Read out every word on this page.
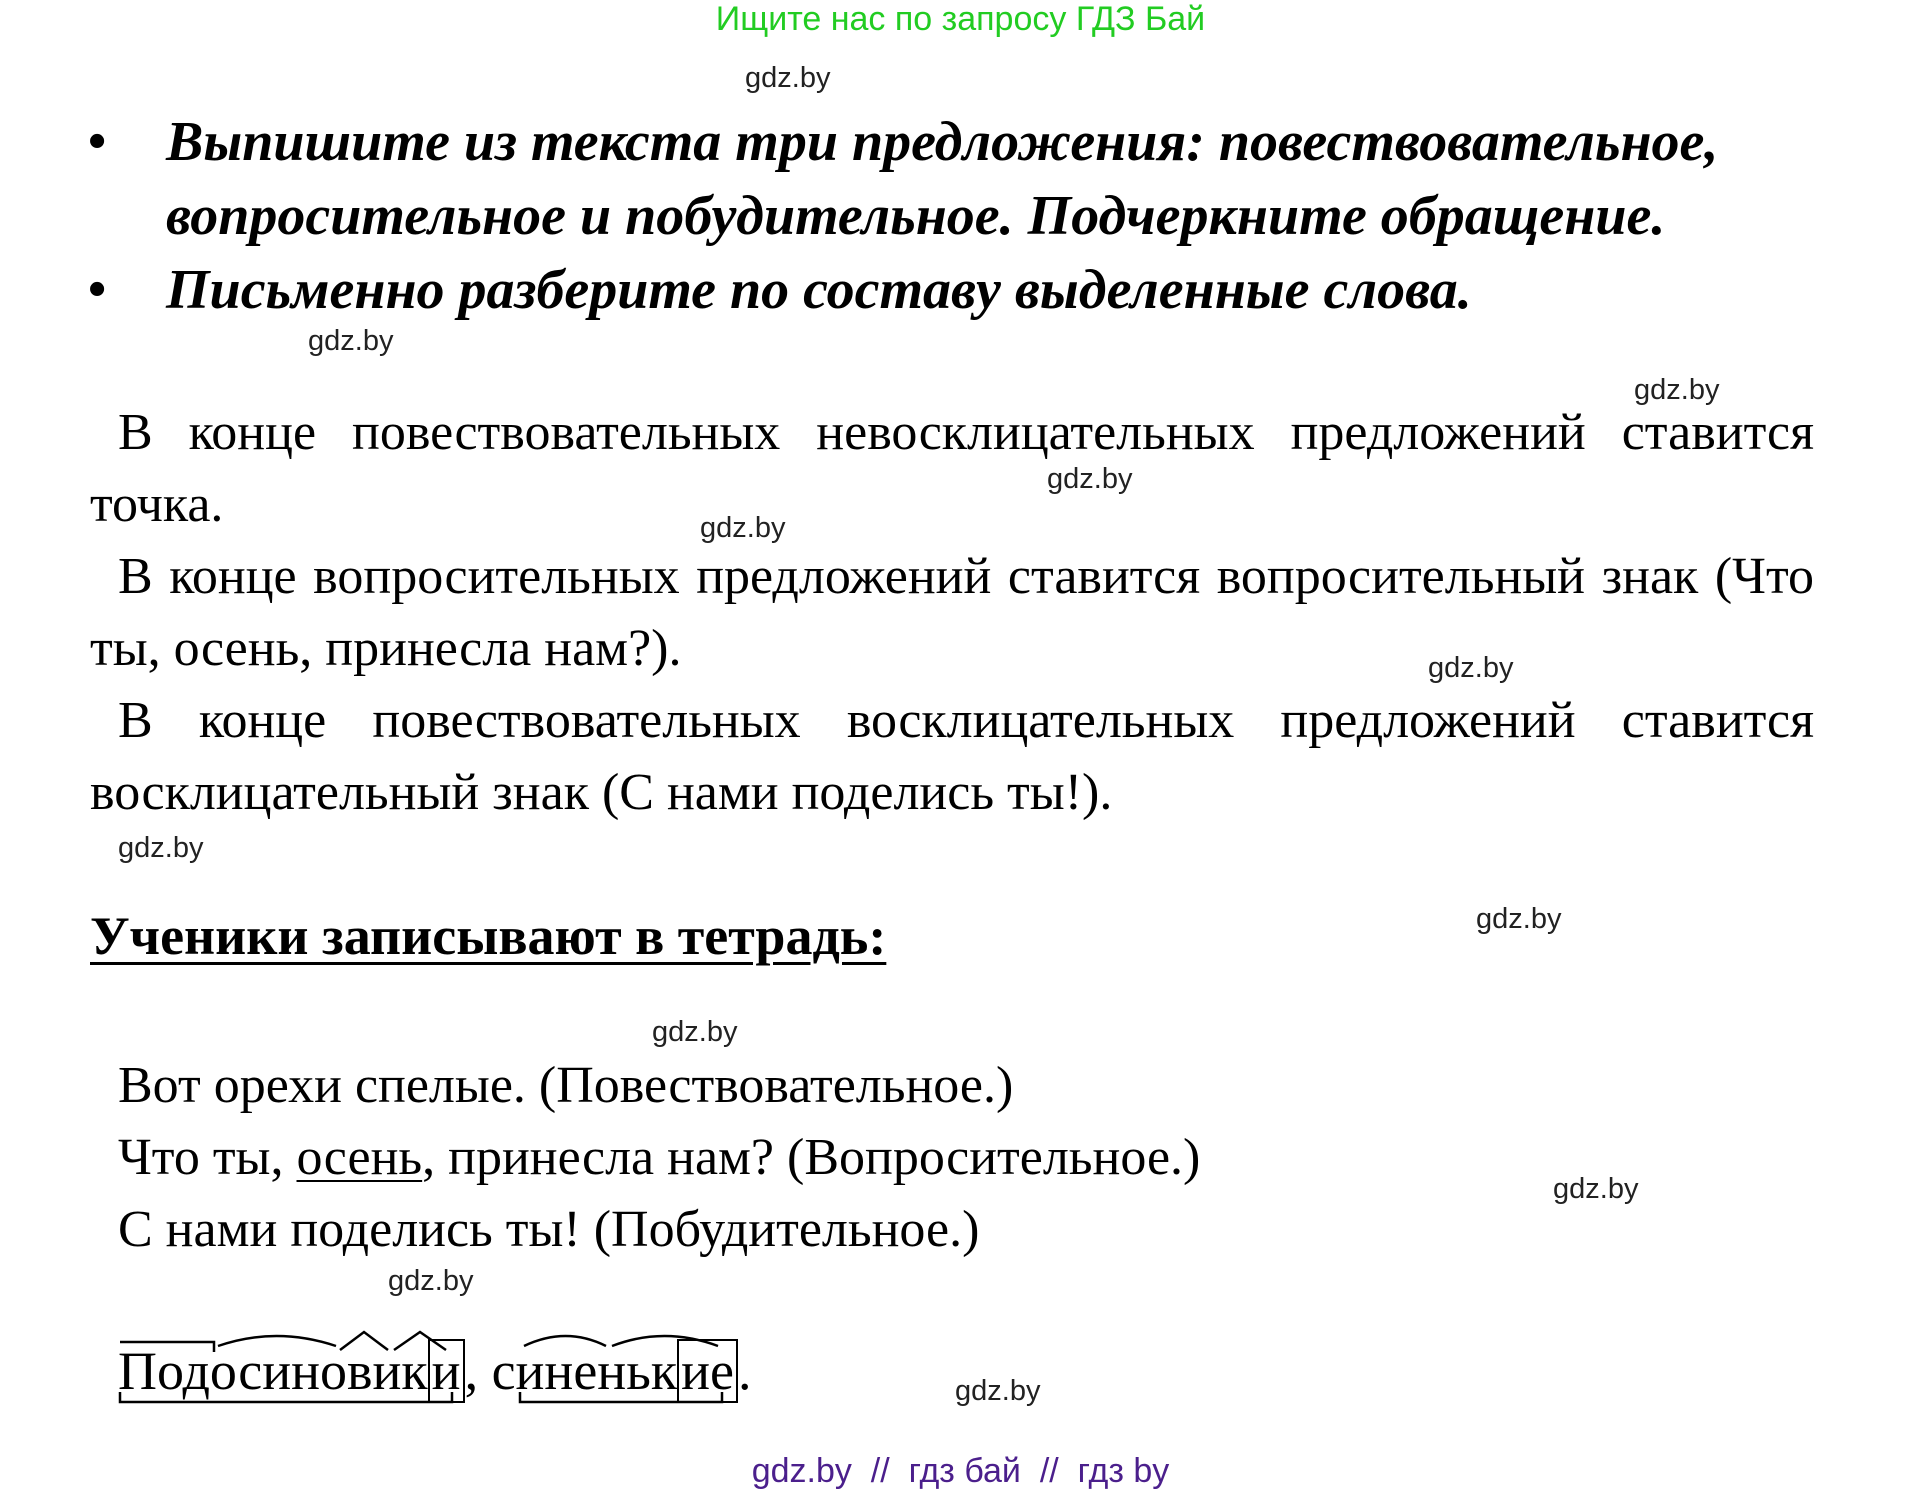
Ищите нас по запросу ГДЗ Бай
gdz.by
gdz.by
gdz.by
gdz.by
gdz.by
gdz.by
gdz.by
gdz.by
gdz.by
gdz.by
gdz.by
gdz.by
• Выпишите из текста три предложения: повествовательное, вопросительное и побудительное. Подчеркните обращение.
• Письменно разберите по составу выделенные слова.
В конце повествовательных невосклицательных предложений ставится точка.
В конце вопросительных предложений ставится вопросительный знак (Что ты, осень, принесла нам?).
В конце повествовательных восклицательных предложений ставится восклицательный знак (С нами поделись ты!).
Ученики записывают в тетрадь:
Вот орехи спелые. (Повествовательное.)
Что ты, осень, принесла нам? (Вопросительное.)
С нами поделись ты! (Побудительное.)
Подосиновики, синенькие.
gdz.by  //  гдз бай  //  гдз by
